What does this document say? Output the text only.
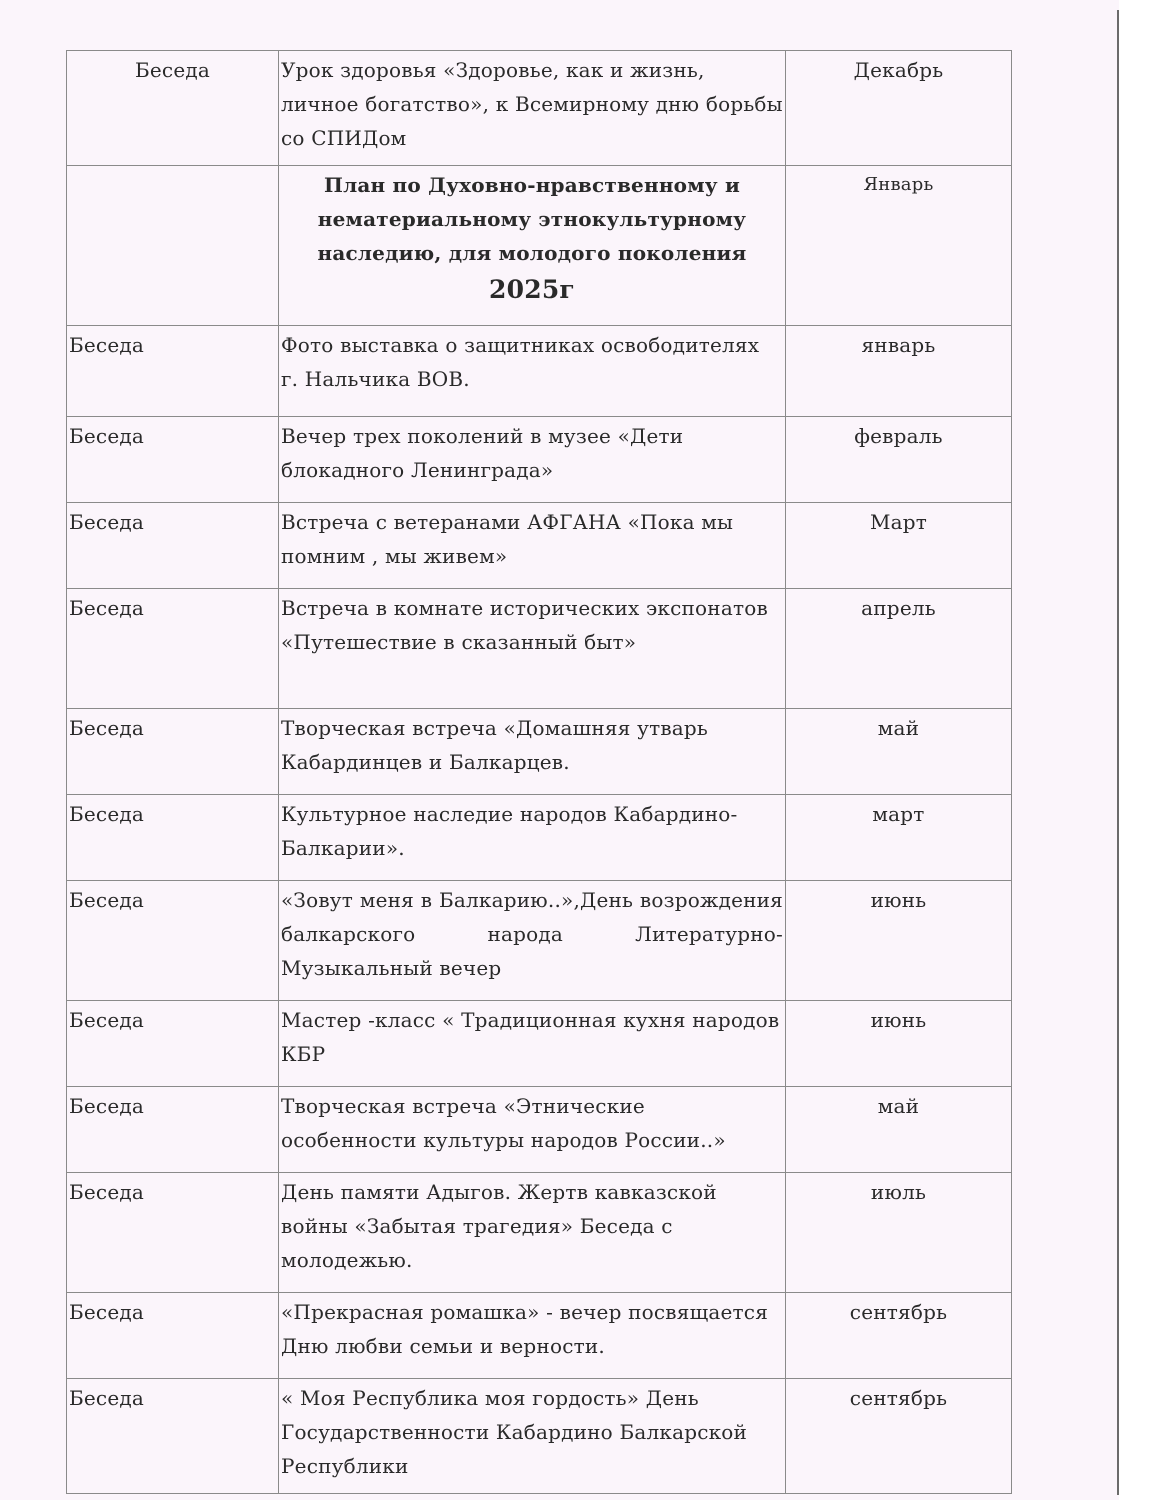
Беседа	Урок здоровья «Здоровье, как и жизнь, личное богатство», к Всемирному дню борьбы со СПИДом	Декабрь
	План по Духовно-нравственному и
нематериальному этнокультурному
наследию, для молодого поколения
2025г	Январь
Беседа	Фото выставка о защитниках освободителях г. Нальчика ВОВ.	январь
Беседа	Вечер трех поколений в музее «Дети блокадного Ленинграда»	февраль
Беседа	Встреча с ветеранами АФГАНА «Пока мы помним , мы живем»	Март
Беседа	Встреча в комнате исторических экспонатов «Путешествие в сказанный быт»	апрель
Беседа	Творческая встреча «Домашняя утварь Кабардинцев и Балкарцев.	май
Беседа	Культурное наследие народов Кабардино-Балкарии».	март
Беседа	«Зовут меня в Балкарию..»,День возрождения балкарского народа Литературно-Музыкальный вечер	июнь
Беседа	Мастер -класс « Традиционная кухня народов КБР	июнь
Беседа	Творческая встреча «Этнические особенности культуры народов России..»	май
Беседа	День памяти Адыгов. Жертв кавказской войны «Забытая трагедия» Беседа с молодежью.	июль
Беседа	«Прекрасная ромашка» - вечер посвящается Дню любви семьи и верности.	сентябрь
Беседа	« Моя Республика моя гордость» День Государственности Кабардино Балкарской Республики	сентябрь
